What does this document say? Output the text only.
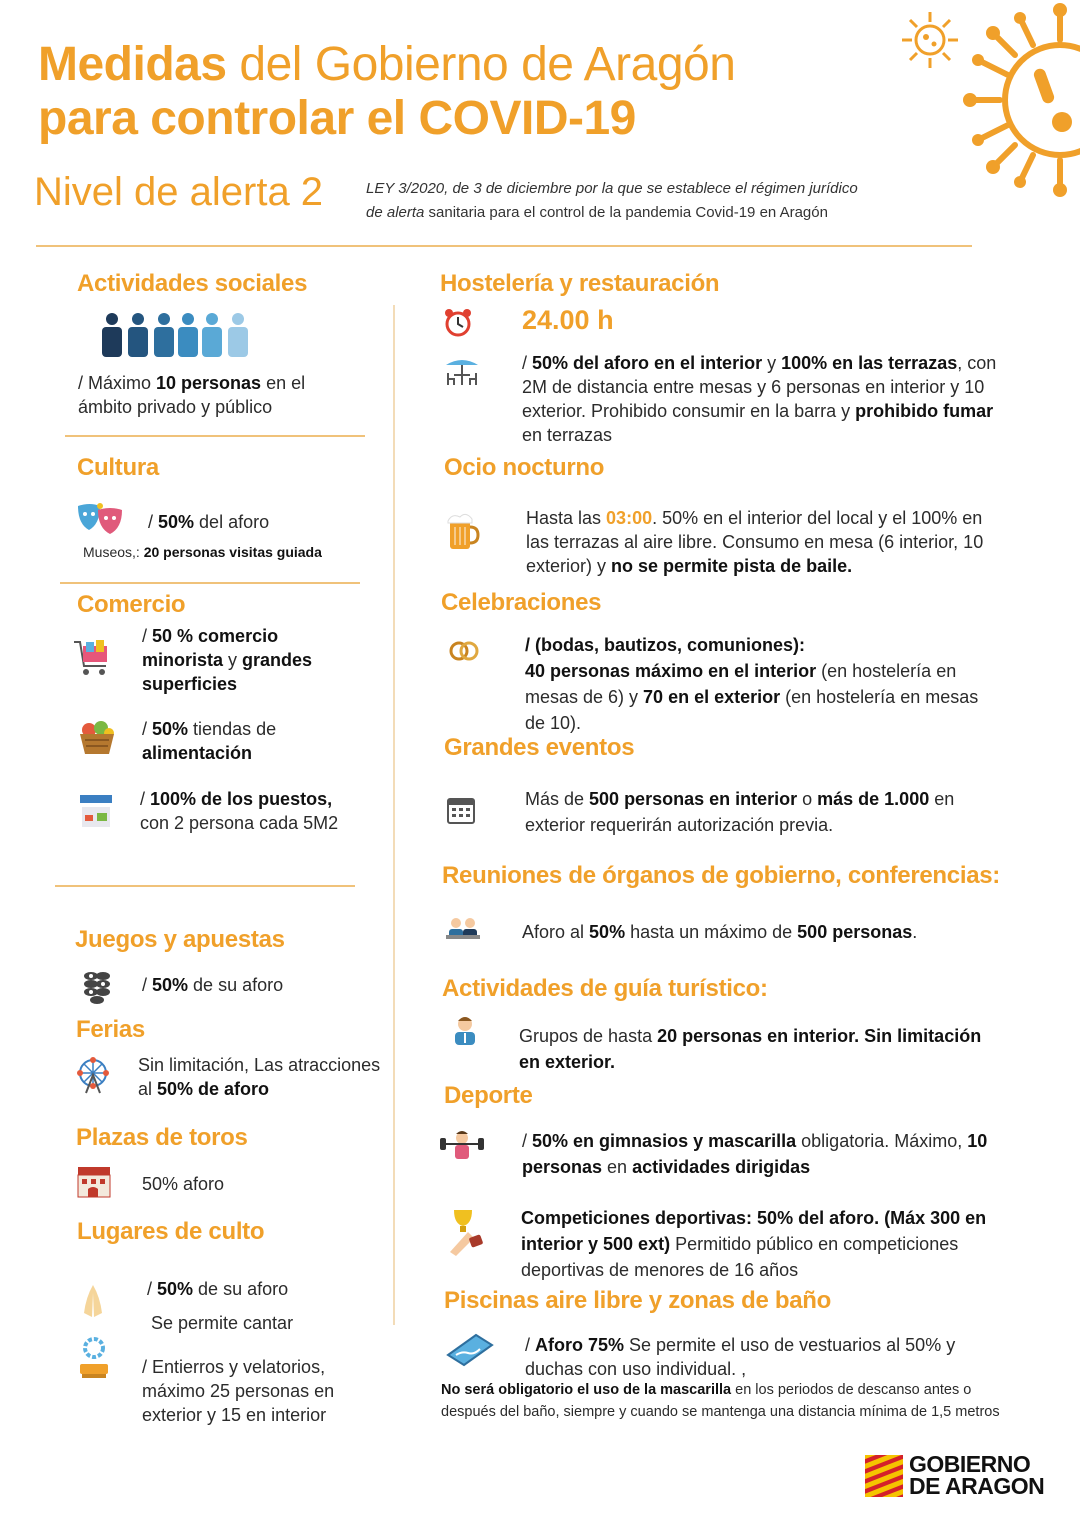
Medidas del Gobierno de Aragón
para controlar el COVID-19
Nivel de alerta 2	LEY 3/2020, de 3 de diciembre por la que se establece el régimen jurídico
de alerta sanitaria para el control de la pandemia Covid-19 en Aragón
Actividades sociales
/ Máximo 10 personas en el ámbito privado y público
Cultura
/ 50% del aforo
Museos,: 20 personas visitas guiada
Comercio
/ 50 % comercio minorista y grandes superficies
/ 50% tiendas de alimentación
/ 100% de los puestos,
con 2 persona cada 5M2
Juegos y apuestas
/ 50% de su aforo
Ferias
Sin limitación, Las atracciones al 50% de aforo
Plazas de toros
50% aforo
Lugares de culto
/ 50% de su aforo
Se permite cantar
/ Entierros y velatorios, máximo 25 personas en exterior y 15 en interior
Hostelería y restauración
24.00 h
/ 50% del aforo en el interior y 100% en las terrazas, con 2M de distancia entre mesas y 6 personas en interior y 10 exterior. Prohibido consumir en la barra y prohibido fumar en terrazas
Ocio nocturno
Hasta las 03:00. 50% en el interior del local y el 100% en las terrazas al aire libre. Consumo en mesa (6 interior, 10 exterior) y no se permite pista de baile.
Celebraciones
/ (bodas, bautizos, comuniones):
40 personas máximo en el interior (en hostelería en mesas de 6) y 70 en el exterior (en hostelería en mesas de 10).
Grandes eventos
Más de 500 personas en interior o más de 1.000 en exterior requerirán autorización previa.
Reuniones de órganos de gobierno, conferencias:
Aforo al 50% hasta un máximo de 500 personas.
Actividades de guía turístico:
Grupos de hasta 20 personas en interior. Sin limitación en exterior.
Deporte
/ 50% en gimnasios y mascarilla obligatoria. Máximo, 10 personas en actividades dirigidas
Competiciones deportivas: 50% del aforo. (Máx 300 en interior y 500 ext) Permitido público en competiciones deportivas de menores de 16 años
Piscinas aire libre y zonas de baño
/ Aforo 75% Se permite el uso de vestuarios al 50% y duchas con uso individual. ,
No será obligatorio el uso de la mascarilla en los periodos de descanso antes o después del baño, siempre y cuando se mantenga una distancia mínima de 1,5 metros
GOBIERNO
DE ARAGON
